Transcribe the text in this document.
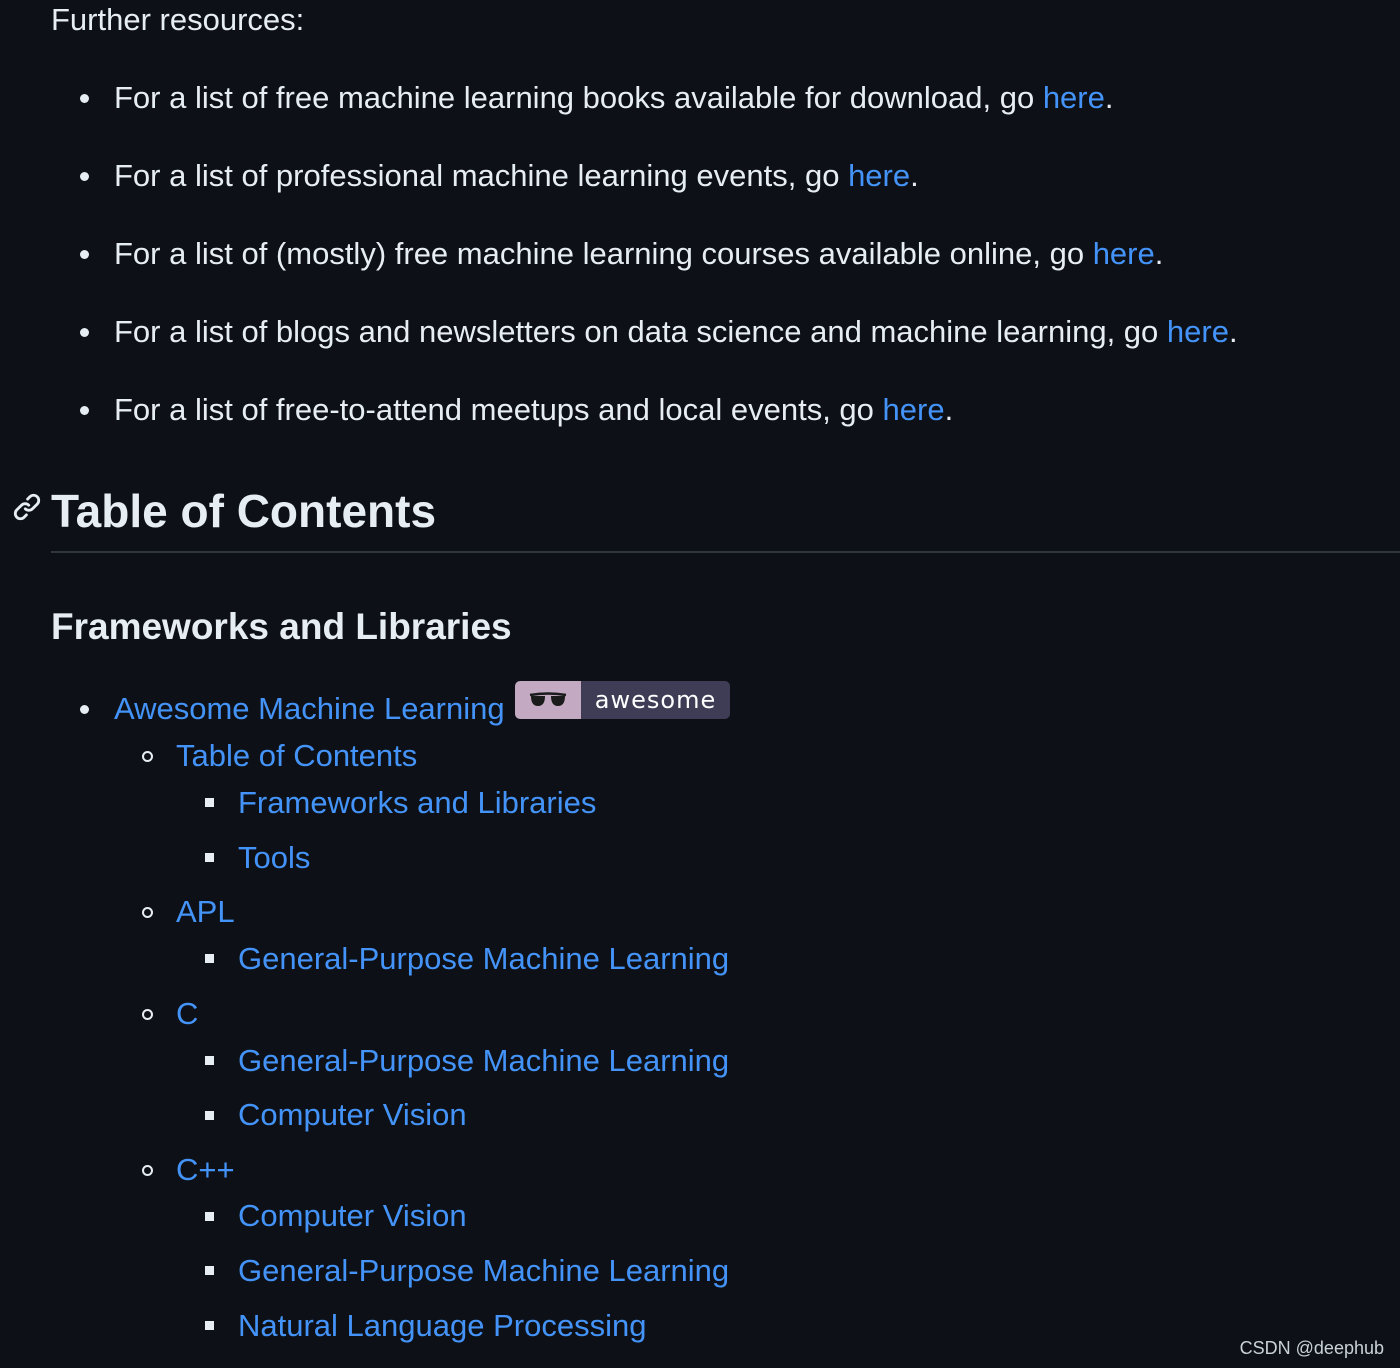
Further resources:
For a list of free machine learning books available for download, go here.
For a list of professional machine learning events, go here.
For a list of (mostly) free machine learning courses available online, go here.
For a list of blogs and newsletters on data science and machine learning, go here.
For a list of free-to-attend meetups and local events, go here.
Table of Contents
Frameworks and Libraries
Awesome Machine Learning	awesome
Table of Contents
Frameworks and Libraries
Tools
APL
General-Purpose Machine Learning
C
General-Purpose Machine Learning
Computer Vision
C++
Computer Vision
General-Purpose Machine Learning
Natural Language Processing
CSDN @deephub
